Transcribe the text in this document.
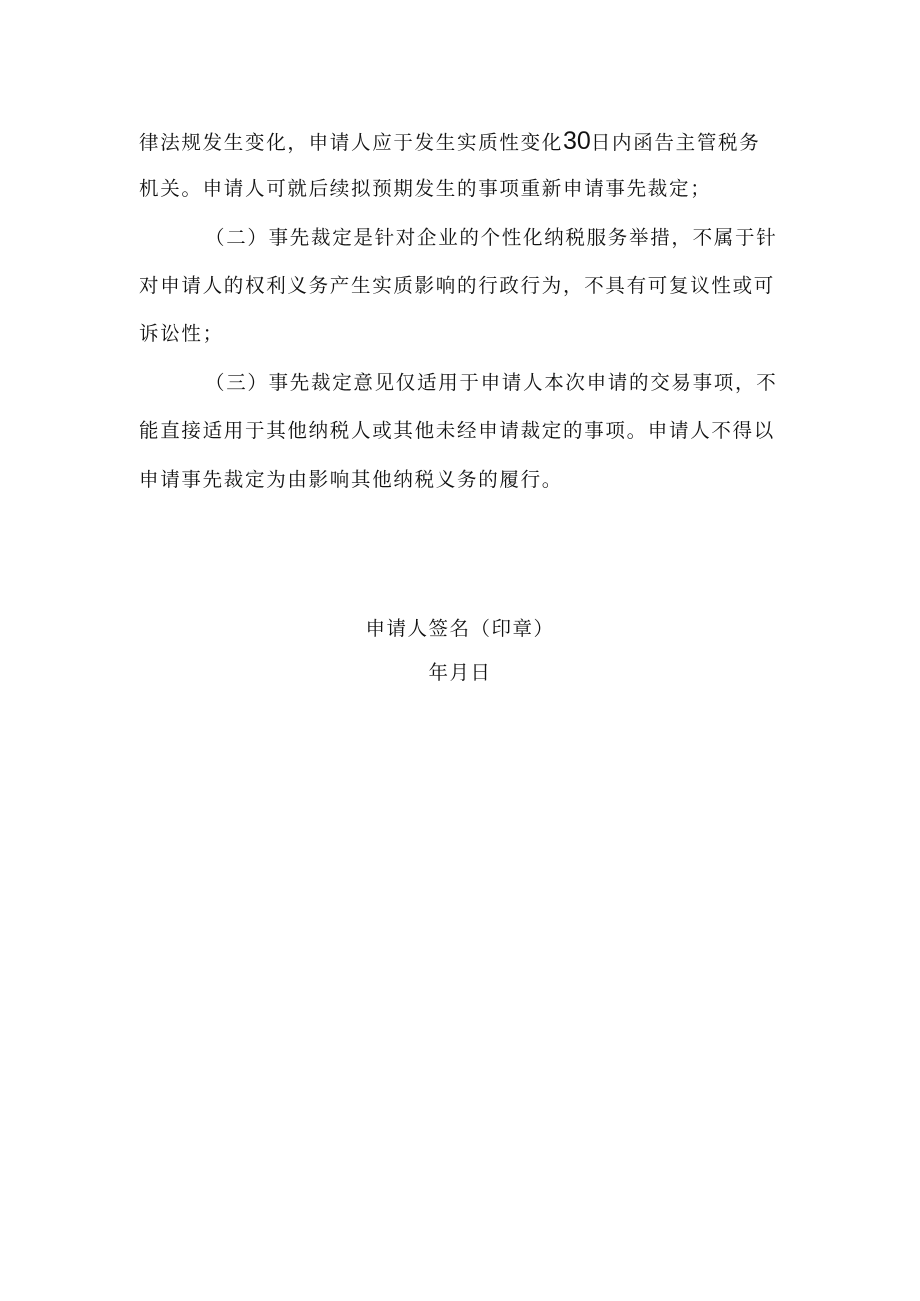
律法规发生变化，申请人应于发生实质性变化30日内函告主管税务
机关。申请人可就后续拟预期发生的事项重新申请事先裁定；
（二）事先裁定是针对企业的个性化纳税服务举措，不属于针
对申请人的权利义务产生实质影响的行政行为，不具有可复议性或可
诉讼性；
（三）事先裁定意见仅适用于申请人本次申请的交易事项，不
能直接适用于其他纳税人或其他未经申请裁定的事项。申请人不得以
申请事先裁定为由影响其他纳税义务的履行。
申请人签名（印章）
年月日
